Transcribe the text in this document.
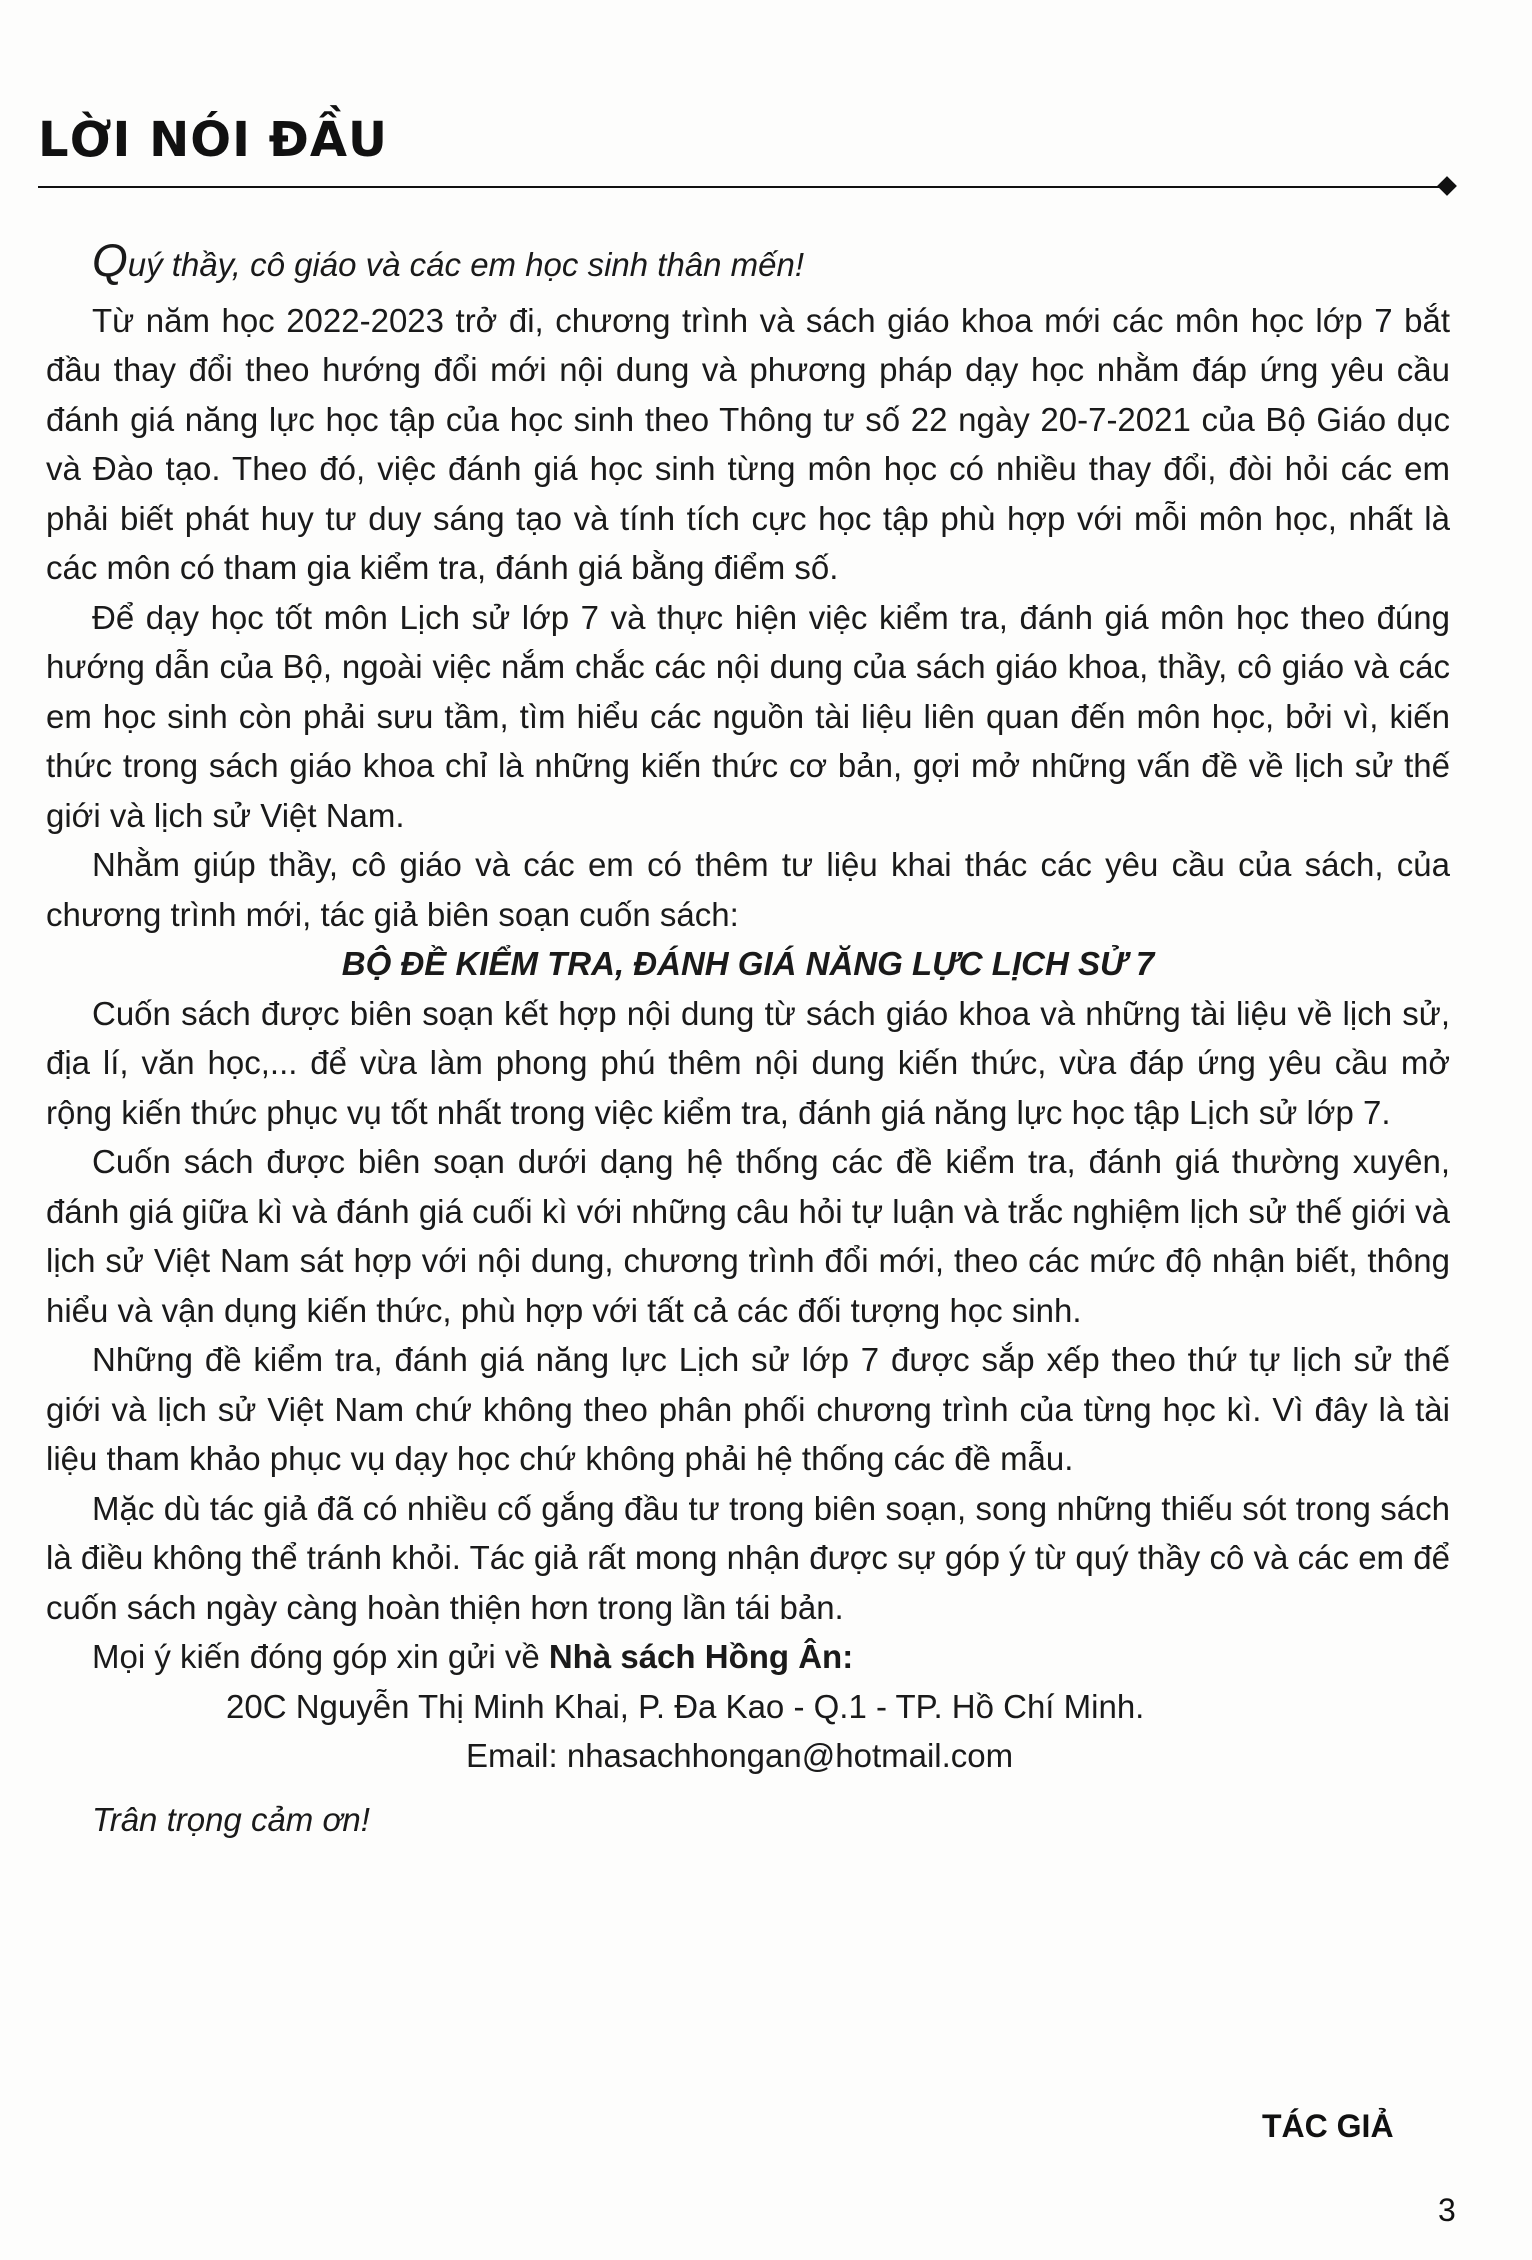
LỜI NÓI ĐẦU

Quý thầy, cô giáo và các em học sinh thân mến!

Từ năm học 2022-2023 trở đi, chương trình và sách giáo khoa mới các môn học lớp 7 bắt đầu thay đổi theo hướng đổi mới nội dung và phương pháp dạy học nhằm đáp ứng yêu cầu đánh giá năng lực học tập của học sinh theo Thông tư số 22 ngày 20-7-2021 của Bộ Giáo dục và Đào tạo. Theo đó, việc đánh giá học sinh từng môn học có nhiều thay đổi, đòi hỏi các em phải biết phát huy tư duy sáng tạo và tính tích cực học tập phù hợp với mỗi môn học, nhất là các môn có tham gia kiểm tra, đánh giá bằng điểm số.

Để dạy học tốt môn Lịch sử lớp 7 và thực hiện việc kiểm tra, đánh giá môn học theo đúng hướng dẫn của Bộ, ngoài việc nắm chắc các nội dung của sách giáo khoa, thầy, cô giáo và các em học sinh còn phải sưu tầm, tìm hiểu các nguồn tài liệu liên quan đến môn học, bởi vì, kiến thức trong sách giáo khoa chỉ là những kiến thức cơ bản, gợi mở những vấn đề về lịch sử thế giới và lịch sử Việt Nam.

Nhằm giúp thầy, cô giáo và các em có thêm tư liệu khai thác các yêu cầu của sách, của chương trình mới, tác giả biên soạn cuốn sách:

BỘ ĐỀ KIỂM TRA, ĐÁNH GIÁ NĂNG LỰC LỊCH SỬ 7

Cuốn sách được biên soạn kết hợp nội dung từ sách giáo khoa và những tài liệu về lịch sử, địa lí, văn học,... để vừa làm phong phú thêm nội dung kiến thức, vừa đáp ứng yêu cầu mở rộng kiến thức phục vụ tốt nhất trong việc kiểm tra, đánh giá năng lực học tập Lịch sử lớp 7.

Cuốn sách được biên soạn dưới dạng hệ thống các đề kiểm tra, đánh giá thường xuyên, đánh giá giữa kì và đánh giá cuối kì với những câu hỏi tự luận và trắc nghiệm lịch sử thế giới và lịch sử Việt Nam sát hợp với nội dung, chương trình đổi mới, theo các mức độ nhận biết, thông hiểu và vận dụng kiến thức, phù hợp với tất cả các đối tượng học sinh.

Những đề kiểm tra, đánh giá năng lực Lịch sử lớp 7 được sắp xếp theo thứ tự lịch sử thế giới và lịch sử Việt Nam chứ không theo phân phối chương trình của từng học kì. Vì đây là tài liệu tham khảo phục vụ dạy học chứ không phải hệ thống các đề mẫu.

Mặc dù tác giả đã có nhiều cố gắng đầu tư trong biên soạn, song những thiếu sót trong sách là điều không thể tránh khỏi. Tác giả rất mong nhận được sự góp ý từ quý thầy cô và các em để cuốn sách ngày càng hoàn thiện hơn trong lần tái bản.

Mọi ý kiến đóng góp xin gửi về Nhà sách Hồng Ân:

20C Nguyễn Thị Minh Khai, P. Đa Kao - Q.1 - TP. Hồ Chí Minh.

Email: nhasachhongan@hotmail.com

Trân trọng cảm ơn!

TÁC GIẢ
3
